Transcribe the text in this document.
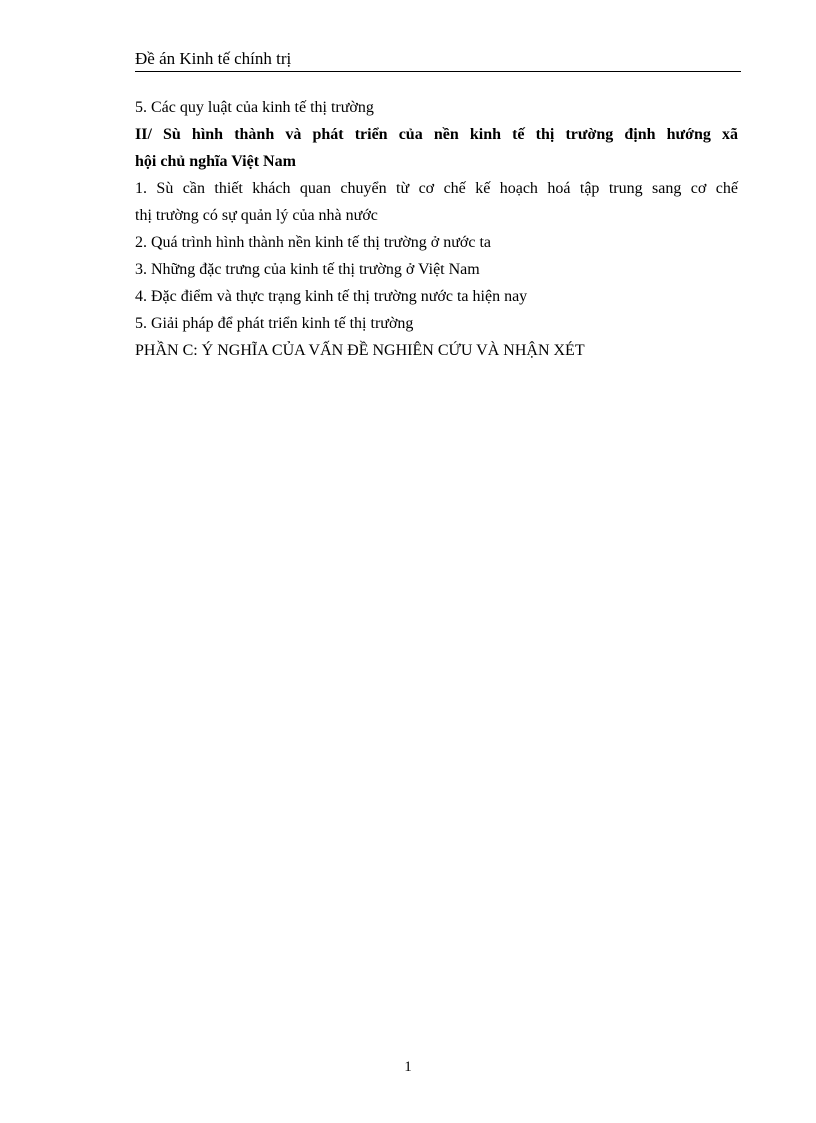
Đề án Kinh tế chính trị
5. Các quy luật của kinh tế thị trường
II/ Sù hình thành và phát triển của nền kinh tế thị trường định hướng xã
hội chủ nghĩa Việt Nam
1. Sù cần thiết khách quan chuyển từ cơ chế kế hoạch hoá tập trung sang cơ chế
thị trường có sự quản lý của nhà nước
2. Quá trình hình thành nền kinh tế thị trường ở nước ta
3. Những đặc trưng của kinh tế thị trường ở Việt Nam
4. Đặc điểm và thực trạng kinh tế thị trường nước ta hiện nay
5. Giải pháp để phát triển kinh tế thị trường
PHẦN C: Ý NGHĨA CỦA VẤN ĐỀ NGHIÊN CỨU VÀ NHẬN XÉT
1
